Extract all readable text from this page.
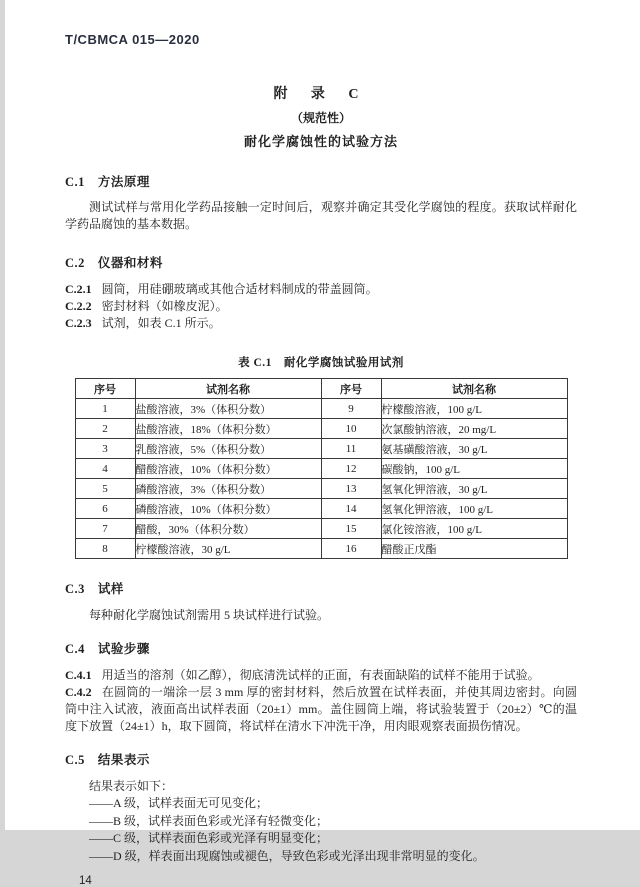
T/CBMCA 015—2020
附 录 C
（规范性）
耐化学腐蚀性的试验方法
C.1　方法原理

测试试样与常用化学药品接触一定时间后，观察并确定其受化学腐蚀的程度。获取试样耐化学药品腐蚀的基本数据。

C.2　仪器和材料
C.2.1 圆筒，用硅硼玻璃或其他合适材料制成的带盖圆筒。
C.2.2 密封材料（如橡皮泥）。
C.2.3 试剂，如表 C.1 所示。
表 C.1　耐化学腐蚀试验用试剂
序号	试剂名称	序号	试剂名称
1	盐酸溶液，3%（体积分数）	9	柠檬酸溶液，100 g/L
2	盐酸溶液，18%（体积分数）	10	次氯酸钠溶液，20 mg/L
3	乳酸溶液，5%（体积分数）	11	氨基磺酸溶液，30 g/L
4	醋酸溶液，10%（体积分数）	12	碳酸钠，100 g/L
5	磷酸溶液，3%（体积分数）	13	氢氧化钾溶液，30 g/L
6	磷酸溶液，10%（体积分数）	14	氢氧化钾溶液，100 g/L
7	醋酸，30%（体积分数）	15	氯化铵溶液，100 g/L
8	柠檬酸溶液，30 g/L	16	醋酸正戊酯
C.3　试样

每种耐化学腐蚀试剂需用 5 块试样进行试验。

C.4　试验步骤
C.4.1 用适当的溶剂（如乙醇），彻底清洗试样的正面，有表面缺陷的试样不能用于试验。
C.4.2 在圆筒的一端涂一层 3 mm 厚的密封材料，然后放置在试样表面，并使其周边密封。向圆筒中注入试液，液面高出试样表面（20±1）mm。盖住圆筒上端，将试验装置于（20±2）℃的温度下放置（24±1）h，取下圆筒，将试样在清水下冲洗干净，用肉眼观察表面损伤情况。
C.5　结果表示

结果表示如下：

——A 级，试样表面无可见变化；
——B 级，试样表面色彩或光泽有轻微变化；
——C 级，试样表面色彩或光泽有明显变化；
——D 级，样表面出现腐蚀或褪色，导致色彩或光泽出现非常明显的变化。
14
